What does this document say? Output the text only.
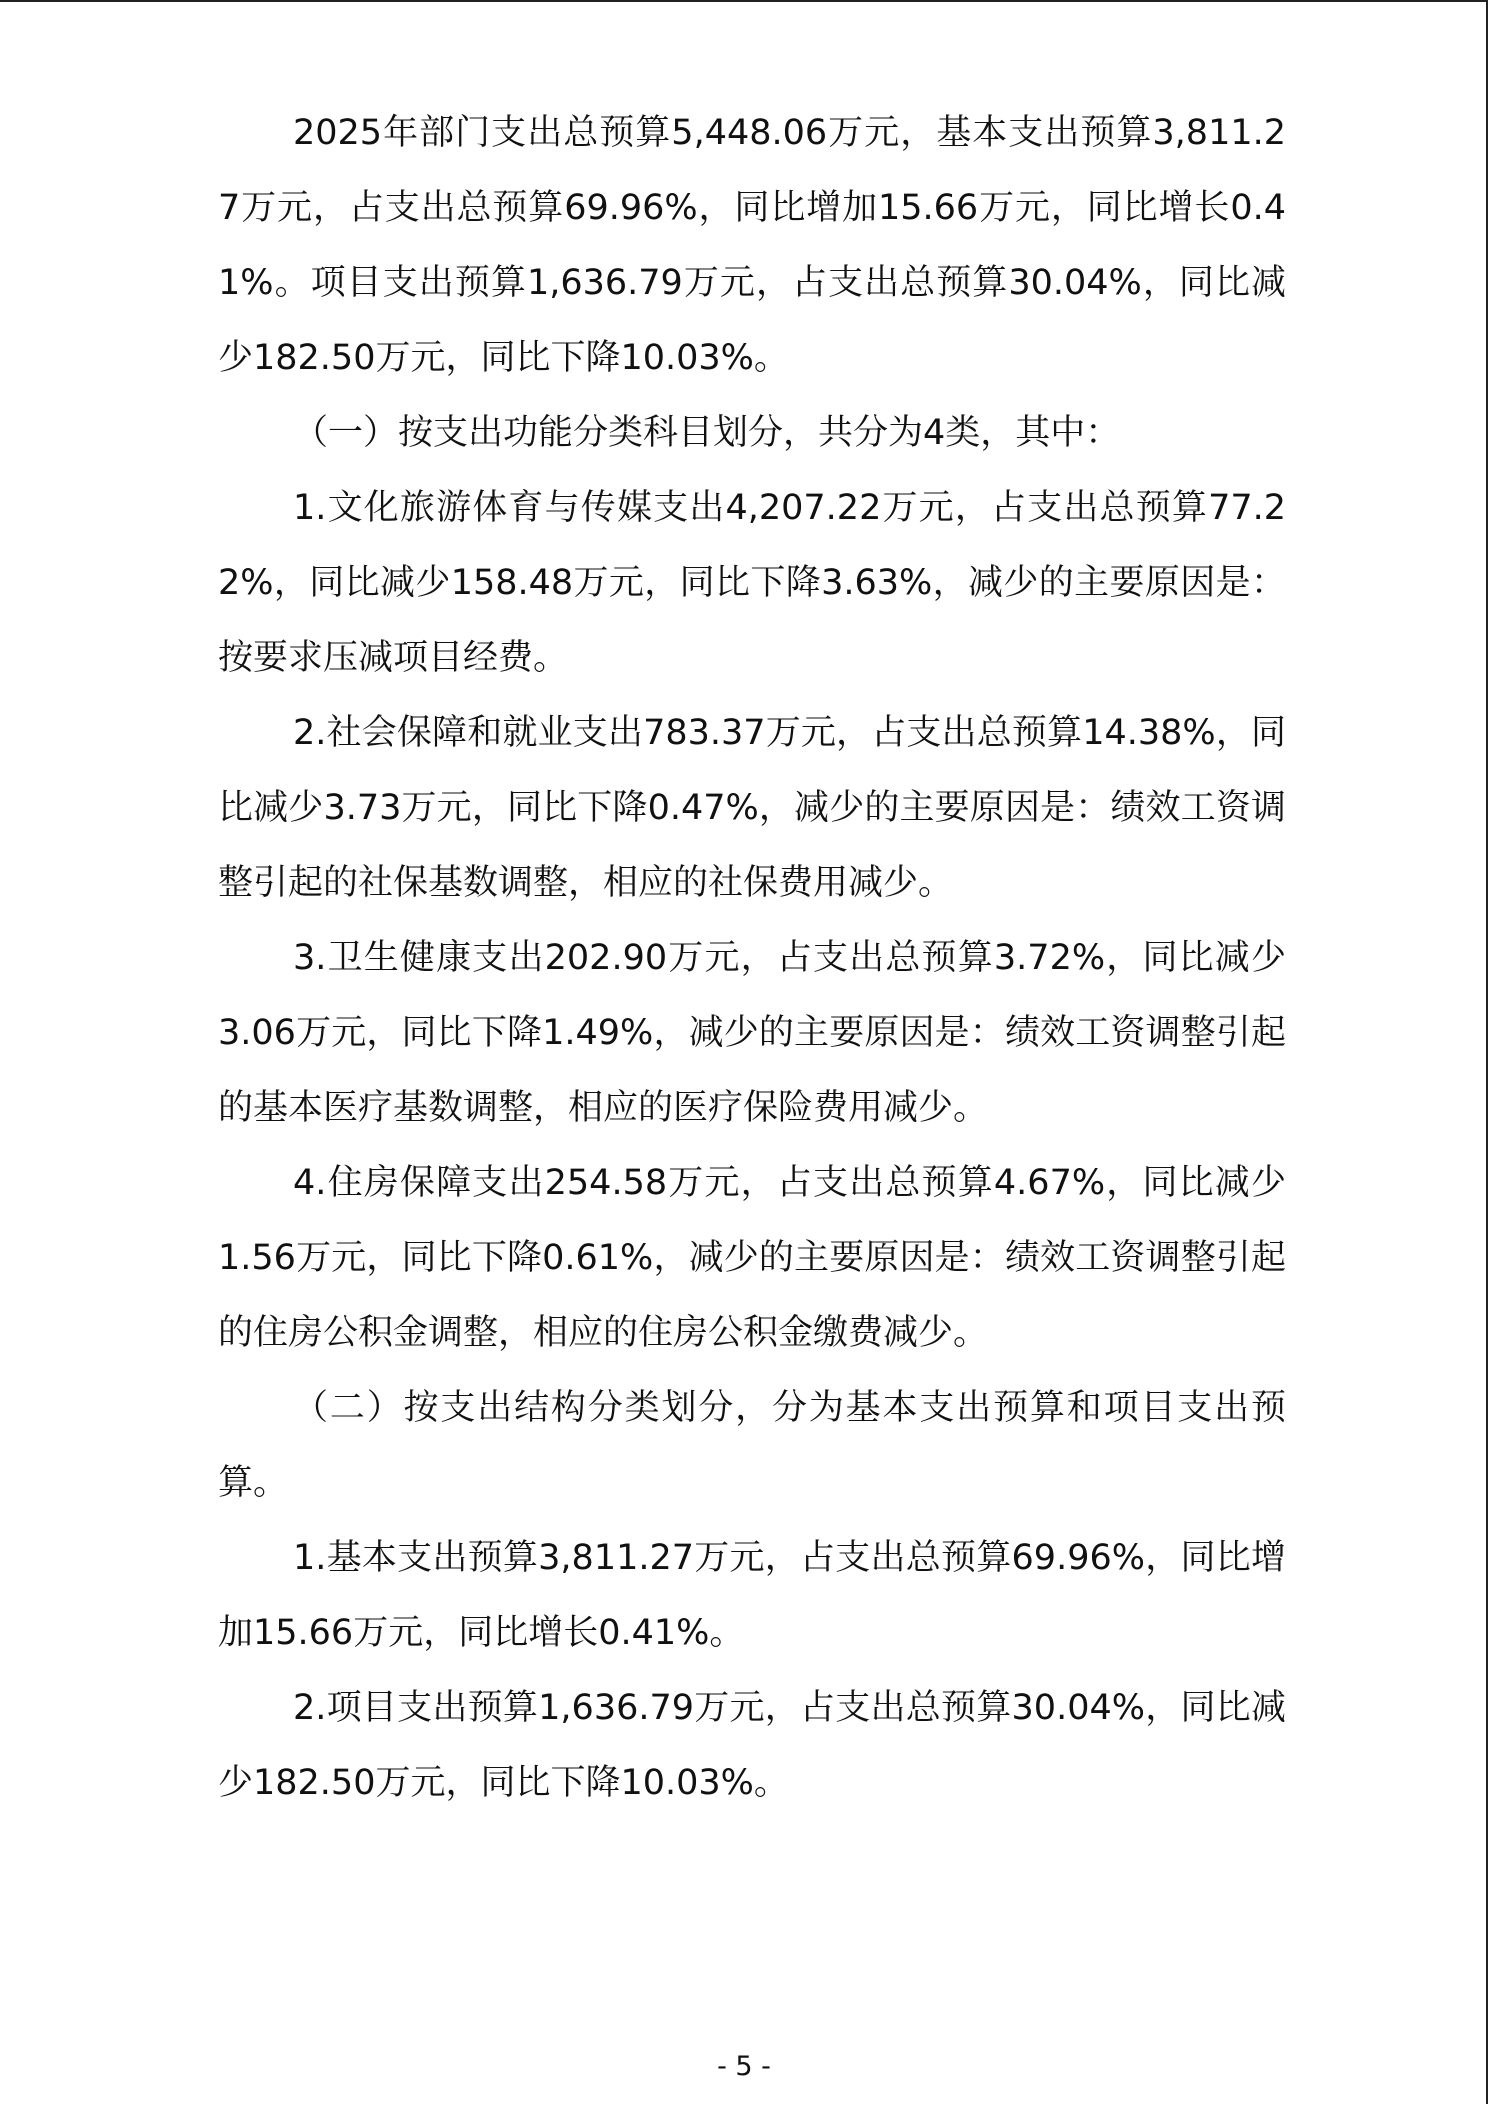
2025年部门支出总预算5,448.06万元，基本支出预算3,811.27万元，占支出总预算69.96%，同比增加15.66万元，同比增长0.41%。项目支出预算1,636.79万元，占支出总预算30.04%，同比减少182.50万元，同比下降10.03%。

（一）按支出功能分类科目划分，共分为4类，其中：

1.文化旅游体育与传媒支出4,207.22万元，占支出总预算77.22%，同比减少158.48万元，同比下降3.63%，减少的主要原因是：按要求压减项目经费。

2.社会保障和就业支出783.37万元，占支出总预算14.38%，同比减少3.73万元，同比下降0.47%，减少的主要原因是：绩效工资调整引起的社保基数调整，相应的社保费用减少。

3.卫生健康支出202.90万元，占支出总预算3.72%，同比减少3.06万元，同比下降1.49%，减少的主要原因是：绩效工资调整引起的基本医疗基数调整，相应的医疗保险费用减少。

4.住房保障支出254.58万元，占支出总预算4.67%，同比减少1.56万元，同比下降0.61%，减少的主要原因是：绩效工资调整引起的住房公积金调整，相应的住房公积金缴费减少。

（二）按支出结构分类划分，分为基本支出预算和项目支出预算。

1.基本支出预算3,811.27万元，占支出总预算69.96%，同比增加15.66万元，同比增长0.41%。

2.项目支出预算1,636.79万元，占支出总预算30.04%，同比减少182.50万元，同比下降10.03%。

- 5 -
